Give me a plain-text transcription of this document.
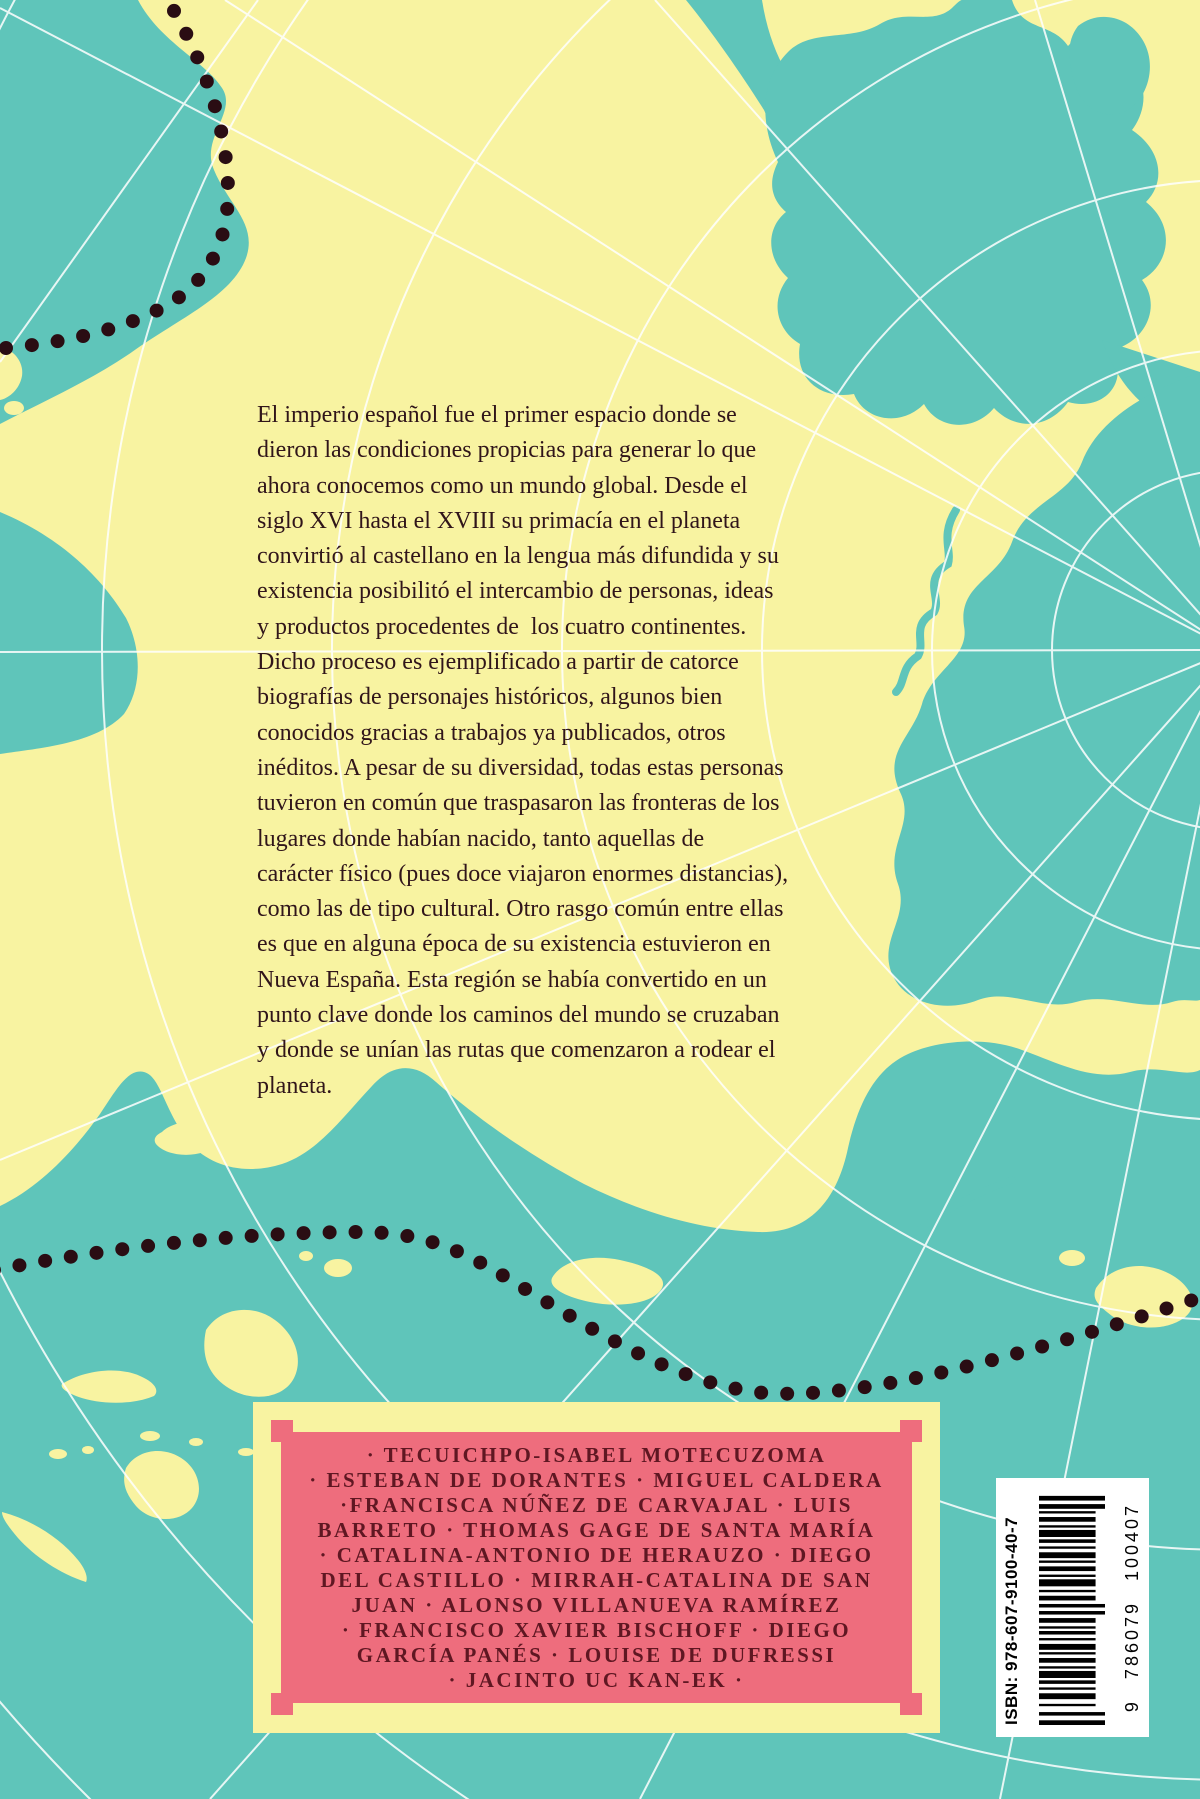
El imperio español fue el primer espacio donde se
dieron las condiciones propicias para generar lo que
ahora conocemos como un mundo global. Desde el
siglo XVI hasta el XVIII su primacía en el planeta
convirtió al castellano en la lengua más difundida y su
existencia posibilitó el intercambio de personas, ideas
y productos procedentes de  los cuatro continentes.
Dicho proceso es ejemplificado a partir de catorce
biografías de personajes históricos, algunos bien
conocidos gracias a trabajos ya publicados, otros
inéditos. A pesar de su diversidad, todas estas personas
tuvieron en común que traspasaron las fronteras de los
lugares donde habían nacido, tanto aquellas de
carácter físico (pues doce viajaron enormes distancias),
como las de tipo cultural. Otro rasgo común entre ellas
es que en alguna época de su existencia estuvieron en
Nueva España. Esta región se había convertido en un
punto clave donde los caminos del mundo se cruzaban
y donde se unían las rutas que comenzaron a rodear el
planeta.
· TECUICHPO-ISABEL MOTECUZOMA
· ESTEBAN DE DORANTES · MIGUEL CALDERA
·FRANCISCA NÚÑEZ DE CARVAJAL · LUIS
BARRETO · THOMAS GAGE DE SANTA MARÍA
· CATALINA-ANTONIO DE HERAUZO · DIEGO
DEL CASTILLO · MIRRAH-CATALINA DE SAN
JUAN · ALONSO VILLANUEVA RAMÍREZ
· FRANCISCO XAVIER BISCHOFF · DIEGO
GARCÍA PANÉS · LOUISE DE DUFRESSI
· JACINTO UC KAN-EK ·	ISBN: 978-607-9100-40-7	9 786079 100407
